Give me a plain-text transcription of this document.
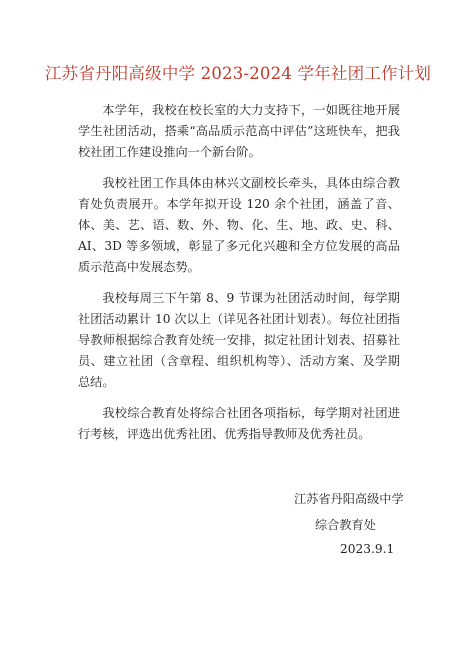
江苏省丹阳高级中学 2023-2024 学年社团工作计划

本学年，我校在校长室的大力支持下，一如既往地开展学生社团活动，搭乘“高品质示范高中评估”这班快车，把我校社团工作建设推向一个新台阶。

我校社团工作具体由林兴文副校长牵头，具体由综合教育处负责展开。本学年拟开设 120 余个社团，涵盖了音、体、美、艺、语、数、外、物、化、生、地、政、史、科、AI、3D 等多领域，彰显了多元化兴趣和全方位发展的高品质示范高中发展态势。

我校每周三下午第 8、9 节课为社团活动时间，每学期社团活动累计 10 次以上（详见各社团计划表）。每位社团指导教师根据综合教育处统一安排，拟定社团计划表、招募社员、建立社团（含章程、组织机构等）、活动方案、及学期总结。

我校综合教育处将综合社团各项指标，每学期对社团进行考核，评选出优秀社团、优秀指导教师及优秀社员。

江苏省丹阳高级中学
综合教育处
2023.9.1
